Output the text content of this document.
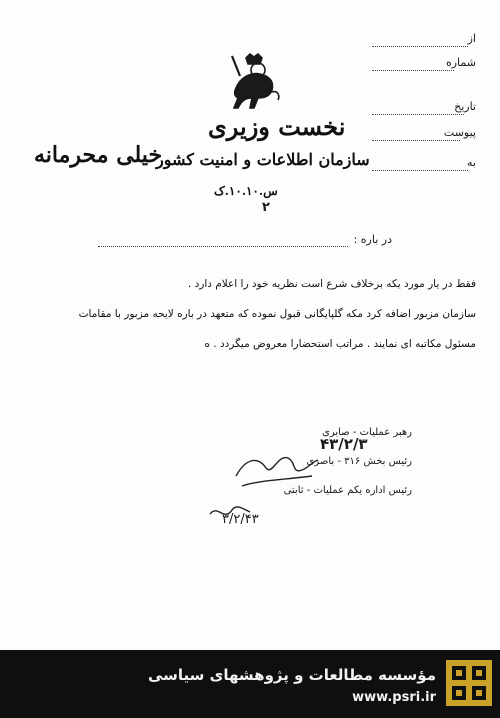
از
شماره
تاریخ
پیوست
به
نخست وزیری
سازمان اطلاعات و امنیت کشور
خیلی محرمانه
س.۱۰.۱۰.ک
۲
در باره :
فقط در یار مورد یکه برخلاف شرع است نظریه خود را اعلام دارد .
سازمان مزبور اضافه کرد مکه گلپایگانی قبول نموده که متعهد در باره لایحه مزبور با مقامات
مسئول مکاتبه ای نمایند . مراتب استحضارا معروض میگردد . ه
رهبر عملیات - صابری
۴۳/۲/۳
رئیس بخش ۳۱۶ - باصری
رئیس اداره یکم عملیات - ثابتی
۳/۲/۴۳
مؤسسه مطالعات و پژوهشهای سیاسی
www.psri.ir
